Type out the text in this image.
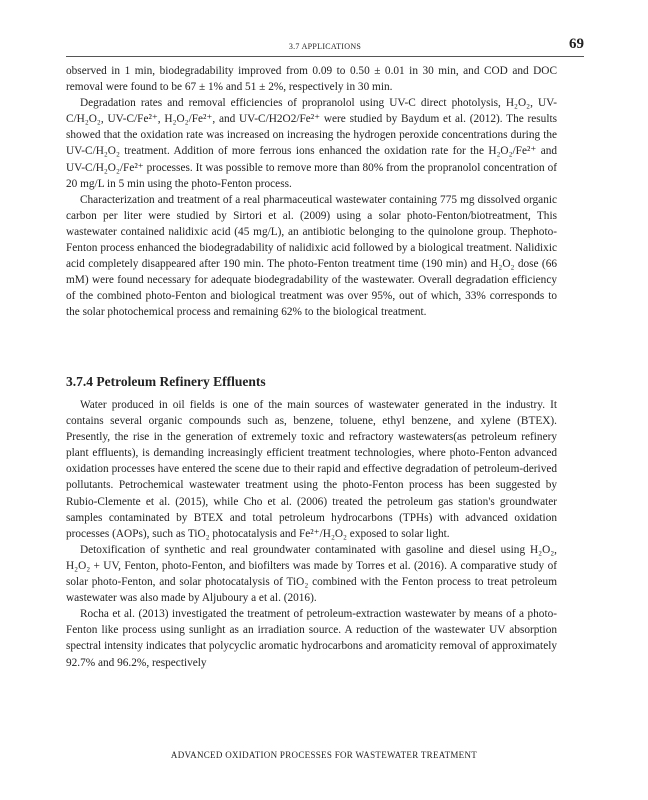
3.7 APPLICATIONS	69

observed in 1 min, biodegradability improved from 0.09 to 0.50 ± 0.01 in 30 min, and COD and DOC removal were found to be 67 ± 1% and 51 ± 2%, respectively in 30 min.

Degradation rates and removal efficiencies of propranolol using UV-C direct photolysis, H₂O₂, UV-C/H₂O₂, UV-C/Fe²⁺, H₂O₂/Fe²⁺, and UV-C/H2O2/Fe²⁺ were studied by Baydum et al. (2012). The results showed that the oxidation rate was increased on increasing the hydrogen peroxide concentrations during the UV-C/H₂O₂ treatment. Addition of more ferrous ions enhanced the oxidation rate for the H₂O₂/Fe²⁺ and UV-C/H₂O₂/Fe²⁺ processes. It was possible to remove more than 80% from the propranolol concentration of 20 mg/L in 5 min using the photo-Fenton process.

Characterization and treatment of a real pharmaceutical wastewater containing 775 mg dissolved organic carbon per liter were studied by Sirtori et al. (2009) using a solar photo-Fenton/biotreatment, This wastewater contained nalidixic acid (45 mg/L), an antibiotic belonging to the quinolone group. Thephoto-Fenton process enhanced the biodegradability of nalidixic acid followed by a biological treatment. Nalidixic acid completely disappeared after 190 min. The photo-Fenton treatment time (190 min) and H₂O₂ dose (66 mM) were found necessary for adequate biodegradability of the wastewater. Overall degradation efficiency of the combined photo-Fenton and biological treatment was over 95%, out of which, 33% corresponds to the solar photochemical process and remaining 62% to the biological treatment.

3.7.4 Petroleum Refinery Effluents

Water produced in oil fields is one of the main sources of wastewater generated in the industry. It contains several organic compounds such as, benzene, toluene, ethyl benzene, and xylene (BTEX). Presently, the rise in the generation of extremely toxic and refractory wastewaters(as petroleum refinery plant effluents), is demanding increasingly efficient treatment technologies, where photo-Fenton advanced oxidation processes have entered the scene due to their rapid and effective degradation of petroleum-derived pollutants. Petrochemical wastewater treatment using the photo-Fenton process has been suggested by Rubio-Clemente et al. (2015), while Cho et al. (2006) treated the petroleum gas station's groundwater samples contaminated by BTEX and total petroleum hydrocarbons (TPHs) with advanced oxidation processes (AOPs), such as TiO₂ photocatalysis and Fe²⁺/H₂O₂ exposed to solar light.

Detoxification of synthetic and real groundwater contaminated with gasoline and diesel using H₂O₂, H₂O₂ + UV, Fenton, photo-Fenton, and biofilters was made by Torres et al. (2016). A comparative study of solar photo-Fenton, and solar photocatalysis of TiO₂ combined with the Fenton process to treat petroleum wastewater was also made by Aljuboury a et al. (2016).

Rocha et al. (2013) investigated the treatment of petroleum-extraction wastewater by means of a photo-Fenton like process using sunlight as an irradiation source. A reduction of the wastewater UV absorption spectral intensity indicates that polycyclic aromatic hydrocarbons and aromaticity removal of approximately 92.7% and 96.2%, respectively

ADVANCED OXIDATION PROCESSES FOR WASTEWATER TREATMENT
